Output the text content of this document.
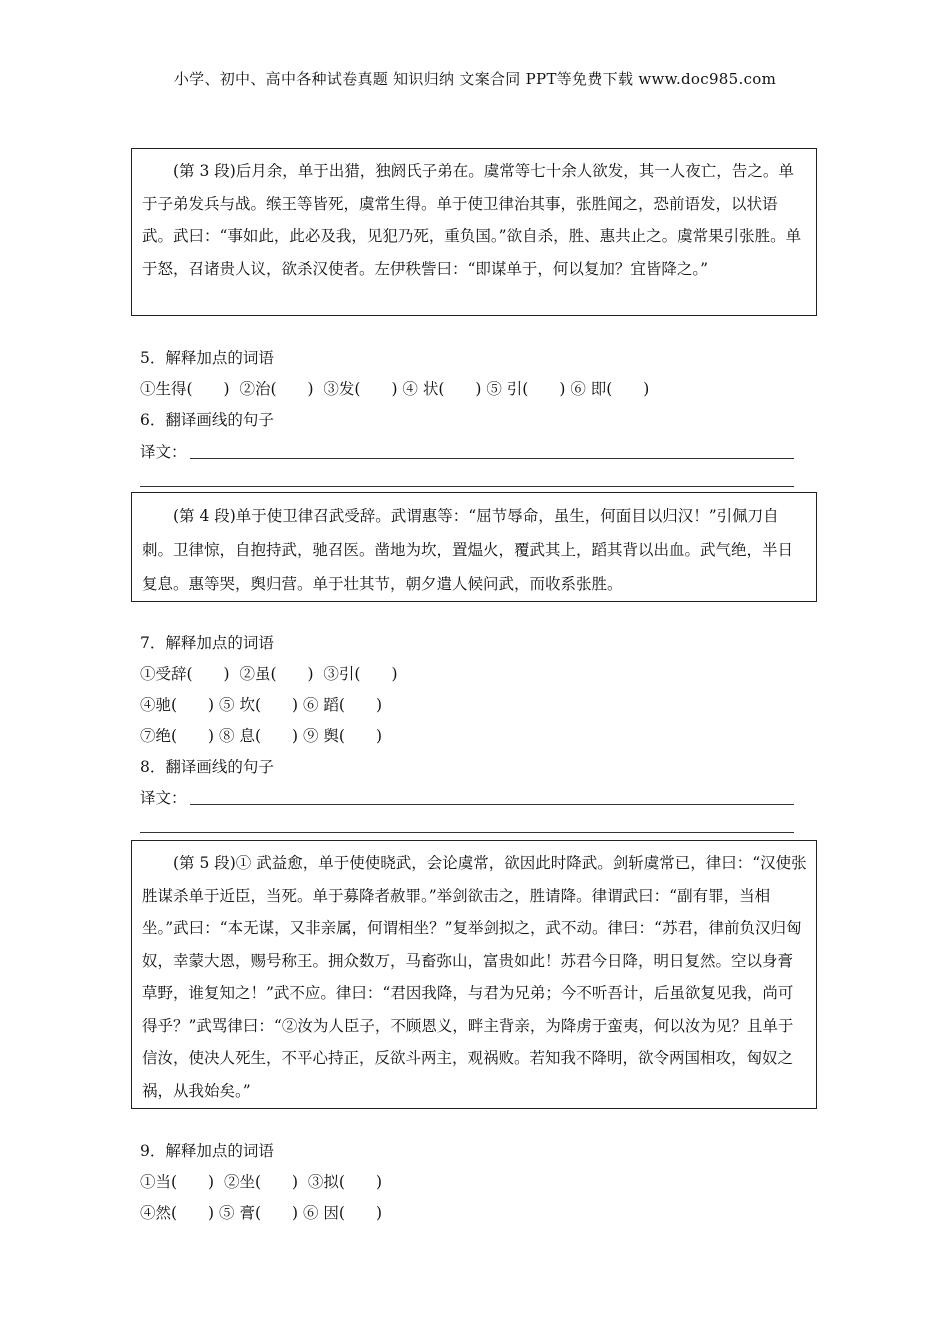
小学、初中、高中各种试卷真题 知识归纳 文案合同 PPT等免费下载 www.doc985.com

(第 3 段)后月余，单于出猎，独阏氏子弟在。虞常等七十余人欲发，其一人夜亡，告之。单于子弟发兵与战。缑王等皆死，虞常生得。单于使卫律治其事，张胜闻之，恐前语发，以状语武。武曰：“事如此，此必及我，见犯乃死，重负国。”欲自杀，胜、惠共止之。虞常果引张胜。单于怒，召诸贵人议，欲杀汉使者。左伊秩訾曰：“即谋单于，何以复加？宜皆降之。”

5．解释加点的词语
①生得(　　)  ②治(　　)  ③发(　　) ④ 状(　　) ⑤ 引(　　) ⑥ 即(　　)
6．翻译画线的句子
译文：

(第 4 段)单于使卫律召武受辞。武谓惠等：“屈节辱命，虽生，何面目以归汉！”引佩刀自刺。卫律惊，自抱持武，驰召医。凿地为坎，置煴火，覆武其上，蹈其背以出血。武气绝，半日复息。惠等哭，舆归营。单于壮其节，朝夕遣人候问武，而收系张胜。

7．解释加点的词语
①受辞(　　)  ②虽(　　)  ③引(　　)
④驰(　　) ⑤ 坎(　　) ⑥ 蹈(　　)
⑦绝(　　) ⑧ 息(　　) ⑨ 舆(　　)
8．翻译画线的句子
译文：

(第 5 段)① 武益愈，单于使使晓武，会论虞常，欲因此时降武。剑斩虞常已，律曰：“汉使张胜谋杀单于近臣，当死。单于募降者赦罪。”举剑欲击之，胜请降。律谓武曰：“副有罪，当相坐。”武曰：“本无谋，又非亲属，何谓相坐？”复举剑拟之，武不动。律曰：“苏君，律前负汉归匈奴，幸蒙大恩，赐号称王。拥众数万，马畜弥山，富贵如此！苏君今日降，明日复然。空以身膏草野，谁复知之！”武不应。律曰：“君因我降，与君为兄弟；今不听吾计，后虽欲复见我，尚可得乎？”武骂律曰：“②汝为人臣子，不顾恩义，畔主背亲，为降虏于蛮夷，何以汝为见？且单于信汝，使决人死生，不平心持正，反欲斗两主，观祸败。若知我不降明，欲令两国相攻，匈奴之祸，从我始矣。”

9．解释加点的词语
①当(　　)  ②坐(　　)  ③拟(　　)
④然(　　) ⑤ 膏(　　) ⑥ 因(　　)
